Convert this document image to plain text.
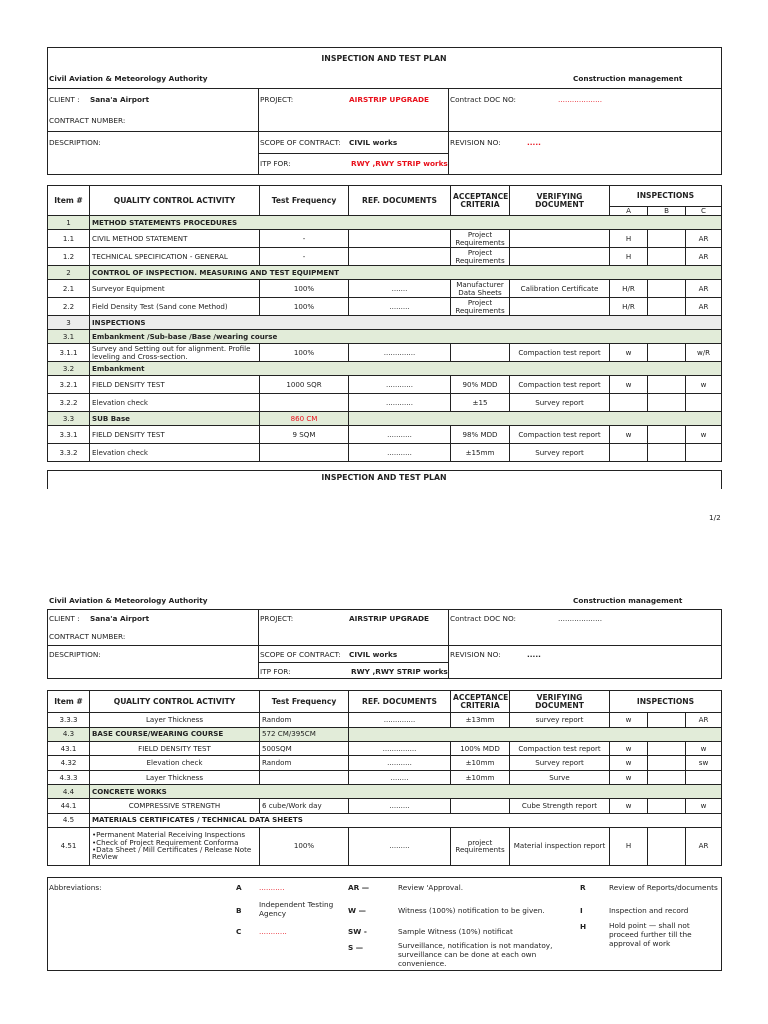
INSPECTION AND TEST PLAN
Civil Aviation & Meteorology Authority	Construction management
CLIENT : Sana'a Airport	PROJECT:	AIRSTRIP UPGRADE	Contract DOC NO:	...................
CONTRACT NUMBER:
DESCRIPTION:	SCOPE OF CONTRACT: CIVIL works	REVISION NO:	.....
ITP FOR:	RWY ,RWY STRIP works
Item #	QUALITY CONTROL ACTIVITY	Test Frequency	REF. DOCUMENTS	ACCEPTANCE
CRITERIA	VERIFYING DOCUMENT	INSPECTIONS		
						A	B	C
1	METHOD STATEMENTS PROCEDURES							
1.1	CIVIL METHOD STATEMENT	-		Project Requirements		H		AR
1.2	TECHNICAL SPECIFICATION - GENERAL	-		Project Requirements		H		AR
2	CONTROL OF INSPECTION. MEASURING AND TEST EQUIPMENT							
2.1	Surveyor Equipment	100%	.......	Manufacturer Data Sheets	Calibration Certificate	H/R		AR
2.2	Field Density Test (Sand cone Method)	100%	.........	Project Requirements		H/R		AR
3	INSPECTIONS							
3.1	Embankment /Sub-base /Base /wearing course							
3.1.1	Survey and Setting out for alignment. Profile leveling and Cross-section.	100%	..............		Compaction test report	w		w/R
3.2	Embankment							
3.2.1	FIELD DENSITY TEST	1000 SQR	............	90% MDD	Compaction test report	w		w
3.2.2	Elevation check		............	±15	Survey report			
3.3	SUB Base	860 CM						
3.3.1	FIELD DENSITY TEST	9 SQM	...........	98% MDD	Compaction test report	w		w
3.3.2	Elevation check		...........	±15mm	Survey report			
INSPECTION AND TEST PLAN
1/2
Civil Aviation & Meteorology Authority	Construction management
CLIENT : Sana'a Airport	PROJECT:	AIRSTRIP UPGRADE	Contract DOC NO:	...................
CONTRACT NUMBER:
DESCRIPTION:	SCOPE OF CONTRACT: CIVIL works	REVISION NO:	.....
ITP FOR:	RWY ,RWY STRIP works
Item #	QUALITY CONTROL ACTIVITY	Test Frequency	REF. DOCUMENTS	ACCEPTANCE
CRITERIA	VERIFYING DOCUMENT	INSPECTIONS		
3.3.3	Layer Thickness	Random	..............	±13mm	survey report	w		AR
4.3	BASE COURSE/WEARING COURSE	572 CM/395CM						
43.1	FIELD DENSITY TEST	500SQM	...............	100% MDD	Compaction test report	w		w
4.32	Elevation check	Random	...........	±10mm	Survey report	w		sw
4.3.3	Layer Thickness		........	±10mm	Surve	w		
4.4	CONCRETE WORKS							
44.1	COMPRESSIVE STRENGTH	6 cube/Work day	.........		Cube Strength report	w		w
4.5	MATERIALS CERTIFICATES / TECHNICAL DATA SHEETS							
4.51	•Permanent Material Receiving Inspections
•Check of Project Requirement Conforma
•Data Sheet / Mill Certificates / Release Note
ReView	100%	.........	project Requirements	Material inspection report	H		AR
Abbreviations:	A ...........
B
Independent Testing Agency
C ............
AR —	Review 'Approval.
W —	Witness (100%) notification to be given.
SW -	Sample Witness (10%) notificat
S —	Surveillance, notification is not mandatoy, surveillance can be done at each own convenience.
R	Review of Reports/documents
I	Inspection and record
H	Hold point — shall not proceed further till the approval of work
